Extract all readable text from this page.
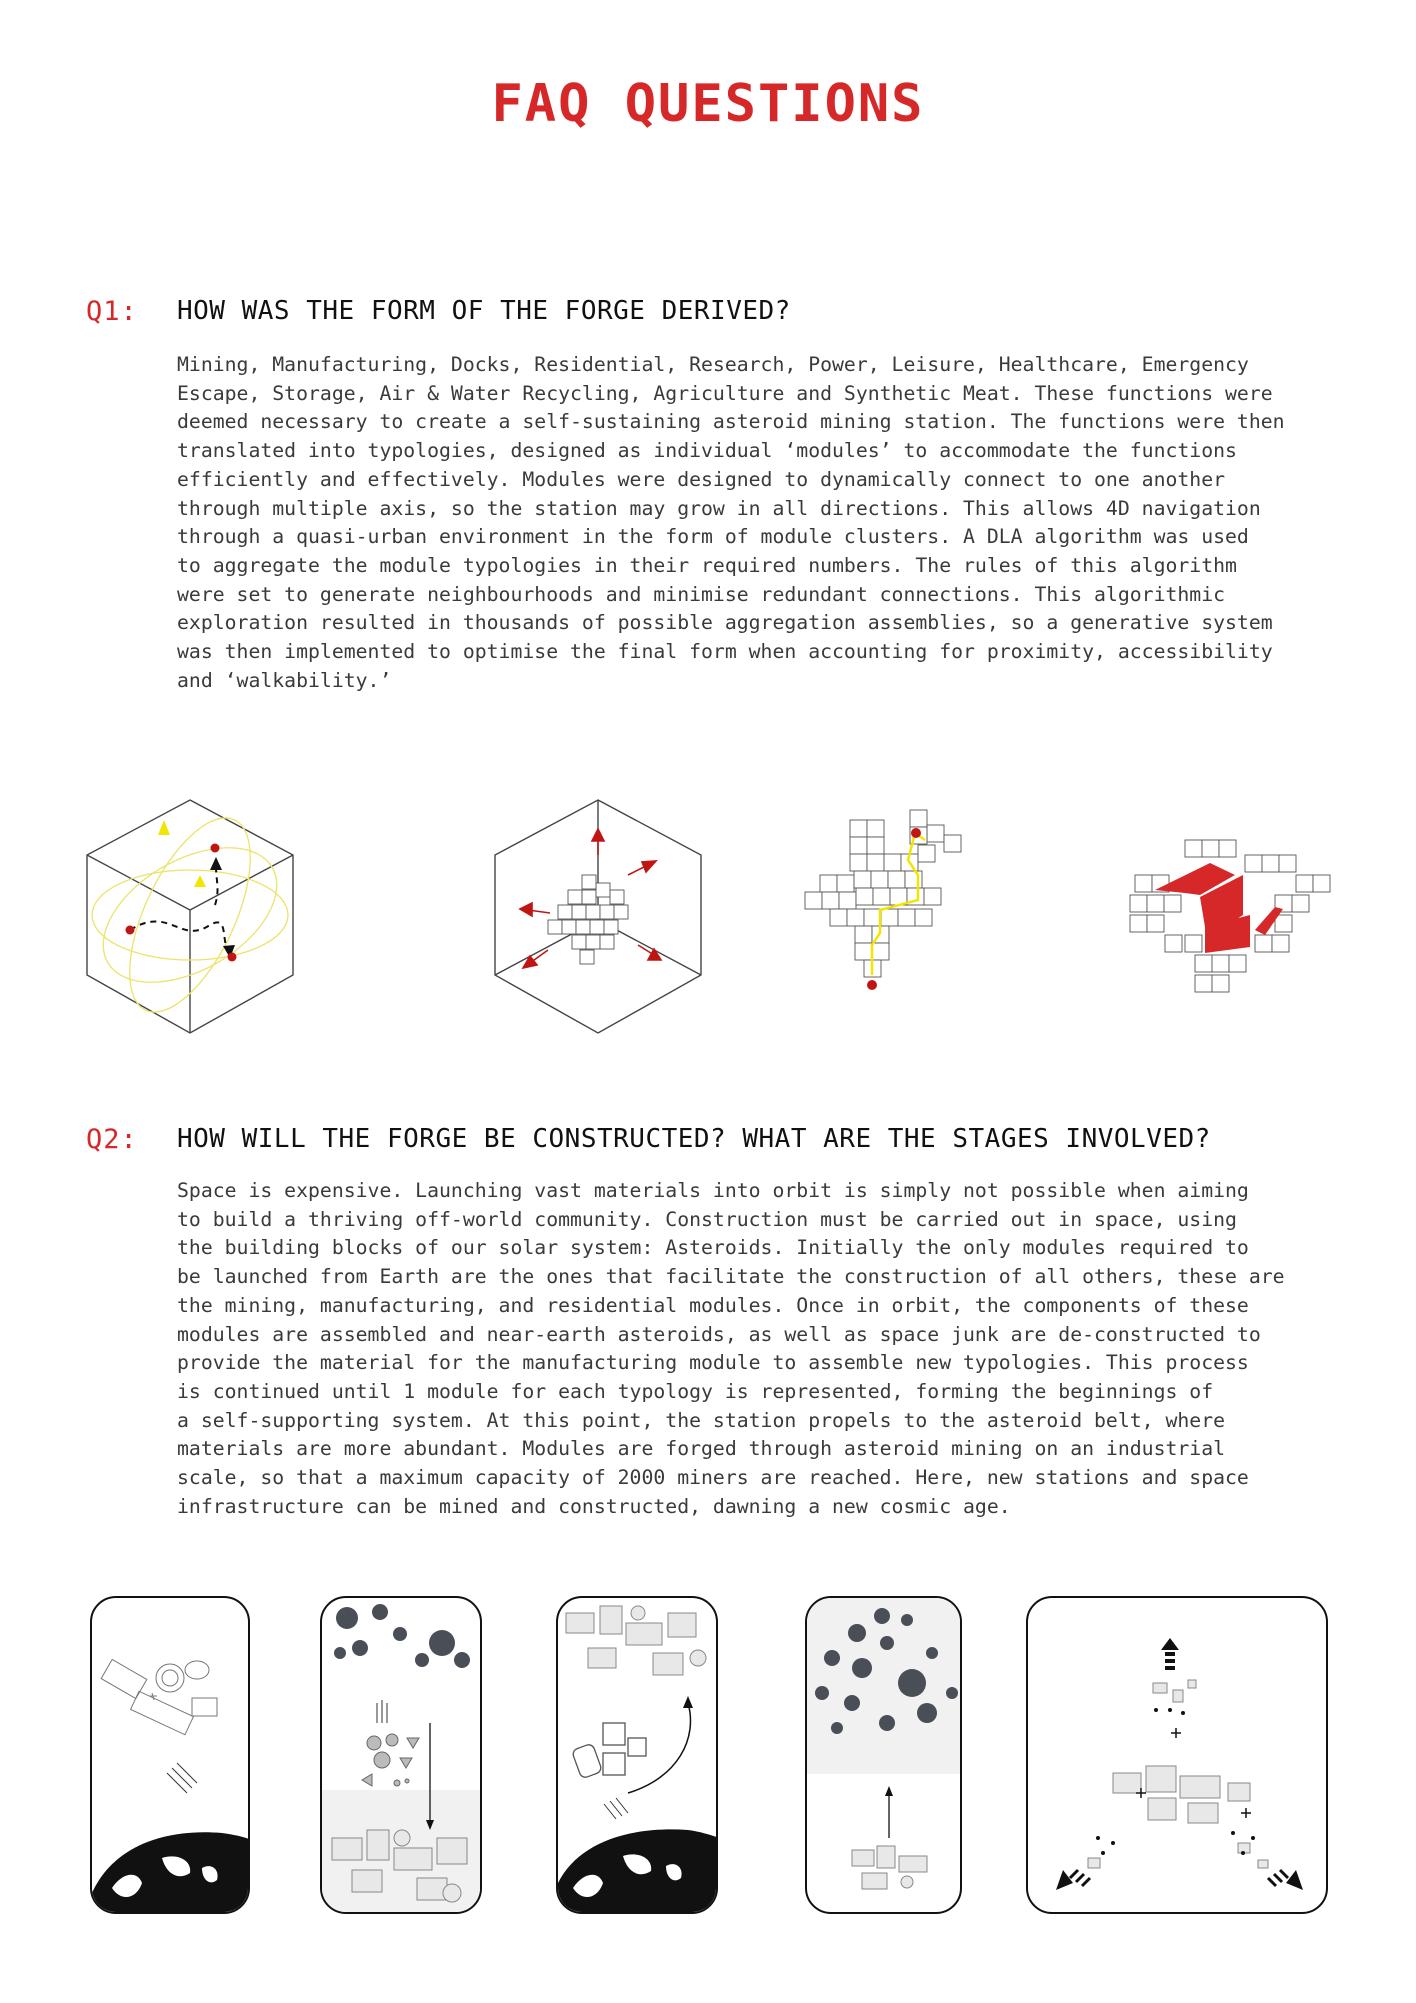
FAQ QUESTIONS
Q1: HOW WAS THE FORM OF THE FORGE DERIVED?

Mining, Manufacturing, Docks, Residential, Research, Power, Leisure, Healthcare, Emergency
Escape, Storage, Air & Water Recycling, Agriculture and Synthetic Meat. These functions were
deemed necessary to create a self-sustaining asteroid mining station. The functions were then
translated into typologies, designed as individual ‘modules’ to accommodate the functions
efficiently and effectively. Modules were designed to dynamically connect to one another
through multiple axis, so the station may grow in all directions. This allows 4D navigation
through a quasi-urban environment in the form of module clusters. A DLA algorithm was used
to aggregate the module typologies in their required numbers. The rules of this algorithm
were set to generate neighbourhoods and minimise redundant connections. This algorithmic
exploration resulted in thousands of possible aggregation assemblies, so a generative system
was then implemented to optimise the final form when accounting for proximity, accessibility
and ‘walkability.’

Q2: HOW WILL THE FORGE BE CONSTRUCTED? WHAT ARE THE STAGES INVOLVED?

Space is expensive. Launching vast materials into orbit is simply not possible when aiming
to build a thriving off-world community. Construction must be carried out in space, using
the building blocks of our solar system: Asteroids. Initially the only modules required to
be launched from Earth are the ones that facilitate the construction of all others, these are
the mining, manufacturing, and residential modules. Once in orbit, the components of these
modules are assembled and near-earth asteroids, as well as space junk are de-constructed to
provide the material for the manufacturing module to assemble new typologies. This process
is continued until 1 module for each typology is represented, forming the beginnings of
a self-supporting system. At this point, the station propels to the asteroid belt, where
materials are more abundant. Modules are forged through asteroid mining on an industrial
scale, so that a maximum capacity of 2000 miners are reached. Here, new stations and space
infrastructure can be mined and constructed, dawning a new cosmic age.
